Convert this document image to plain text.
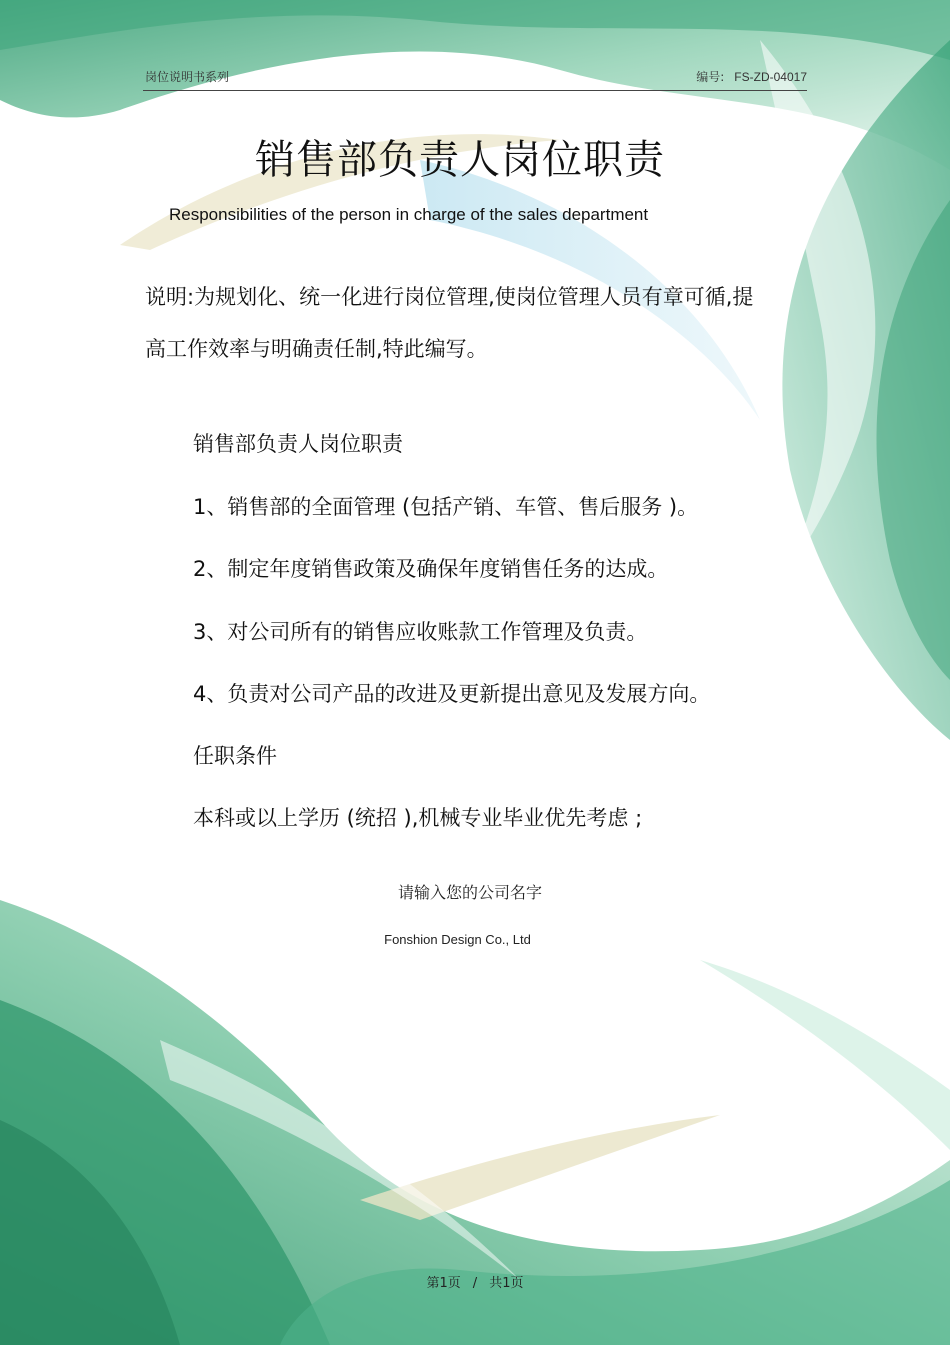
岗位说明书系列	编号: FS-ZD-04017
销售部负责人岗位职责
Responsibilities of the person in charge of the sales department
说明:为规划化、统一化进行岗位管理,使岗位管理人员有章可循,提高工作效率与明确责任制,特此编写。
销售部负责人岗位职责
1、销售部的全面管理 (包括产销、车管、售后服务 )。
2、制定年度销售政策及确保年度销售任务的达成。
3、对公司所有的销售应收账款工作管理及负责。
4、负责对公司产品的改进及更新提出意见及发展方向。
任职条件
本科或以上学历 (统招 ),机械专业毕业优先考虑 ;
请输入您的公司名字
Fonshion Design Co., Ltd
第1页 / 共1页
